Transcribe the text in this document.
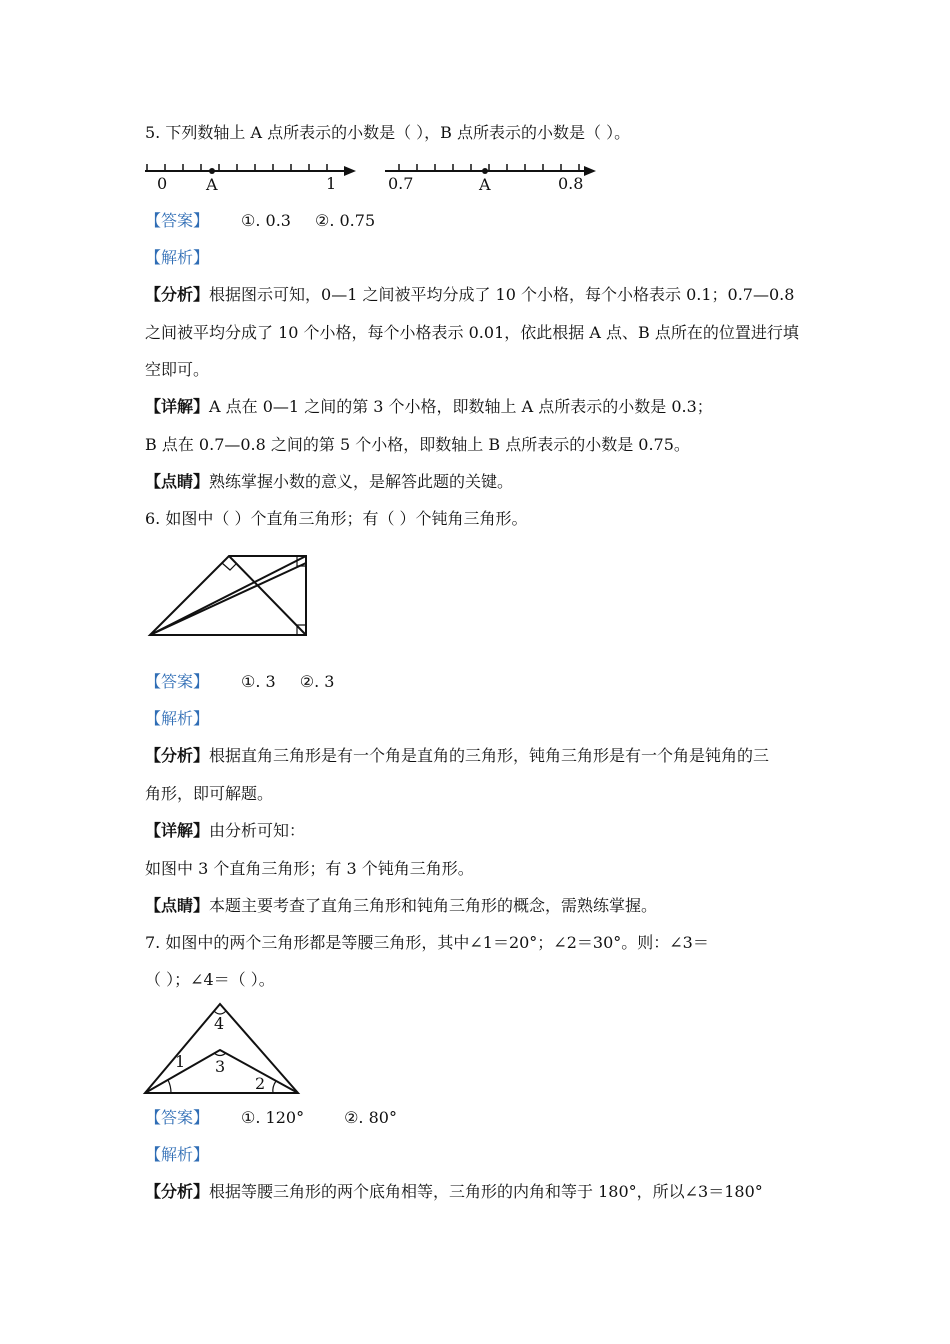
5. 下列数轴上 A 点所表示的小数是（ ），B 点所表示的小数是（ ）。
0 A	1	0.7	A	0.8
【答案】 ①. 0.3 ②. 0.75
【解析】
【分析】根据图示可知，0—1 之间被平均分成了 10 个小格，每个小格表示 0.1；0.7—0.8
之间被平均分成了 10 个小格，每个小格表示 0.01，依此根据 A 点、B 点所在的位置进行填
空即可。
【详解】A 点在 0—1 之间的第 3 个小格，即数轴上 A 点所表示的小数是 0.3；
B 点在 0.7—0.8 之间的第 5 个小格，即数轴上 B 点所表示的小数是 0.75。
【点睛】熟练掌握小数的意义，是解答此题的关键。
6. 如图中（ ）个直角三角形；有（ ）个钝角三角形。
【答案】 ①. 3 ②. 3
【解析】
【分析】根据直角三角形是有一个角是直角的三角形，钝角三角形是有一个角是钝角的三
角形，即可解题。
【详解】由分析可知：
如图中 3 个直角三角形；有 3 个钝角三角形。
【点睛】本题主要考查了直角三角形和钝角三角形的概念，需熟练掌握。
7. 如图中的两个三角形都是等腰三角形，其中∠1＝20°；∠2＝30°。则：∠3＝
（ ）；∠4＝（ ）。
4
1 3
2
【答案】 ①. 120°	②. 80°
【解析】
【分析】根据等腰三角形的两个底角相等，三角形的内角和等于 180°，所以∠3＝180°
